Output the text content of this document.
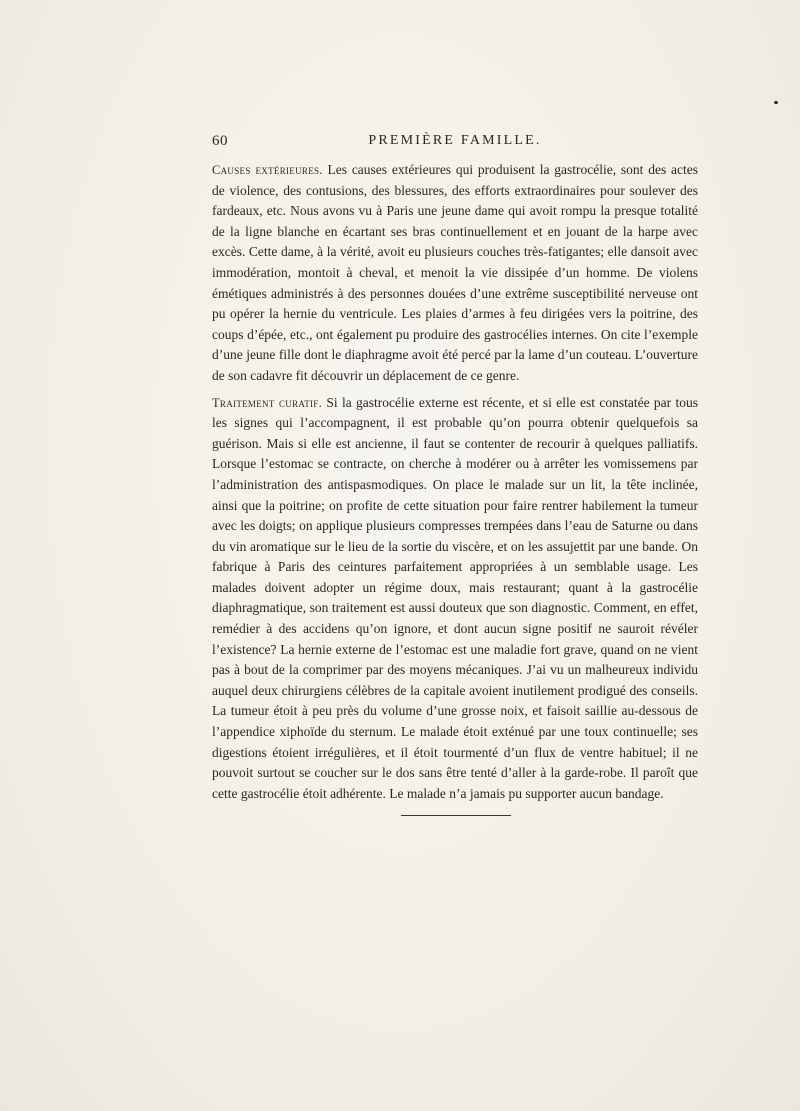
60	PREMIÈRE FAMILLE.

Causes extérieures. Les causes extérieures qui produisent la gastrocélie, sont des actes de violence, des contusions, des blessures, des efforts extraordinaires pour soulever des fardeaux, etc. Nous avons vu à Paris une jeune dame qui avoit rompu la presque totalité de la ligne blanche en écartant ses bras continuellement et en jouant de la harpe avec excès. Cette dame, à la vérité, avoit eu plusieurs couches très-fatigantes; elle dansoit avec immodération, montoit à cheval, et menoit la vie dissipée d’un homme. De violens émétiques administrés à des personnes douées d’une extrême susceptibilité nerveuse ont pu opérer la hernie du ventricule. Les plaies d’armes à feu dirigées vers la poitrine, des coups d’épée, etc., ont également pu produire des gastrocélies internes. On cite l’exemple d’une jeune fille dont le diaphragme avoit été percé par la lame d’un couteau. L’ouverture de son cadavre fit découvrir un déplacement de ce genre.

Traitement curatif. Si la gastrocélie externe est récente, et si elle est constatée par tous les signes qui l’accompagnent, il est probable qu’on pourra obtenir quelquefois sa guérison. Mais si elle est ancienne, il faut se contenter de recourir à quelques palliatifs. Lorsque l’estomac se contracte, on cherche à modérer ou à arrêter les vomissemens par l’administration des antispasmodiques. On place le malade sur un lit, la tête inclinée, ainsi que la poitrine; on profite de cette situation pour faire rentrer habilement la tumeur avec les doigts; on applique plusieurs compresses trempées dans l’eau de Saturne ou dans du vin aromatique sur le lieu de la sortie du viscère, et on les assujettit par une bande. On fabrique à Paris des ceintures parfaitement appropriées à un semblable usage. Les malades doivent adopter un régime doux, mais restaurant; quant à la gastrocélie diaphragmatique, son traitement est aussi douteux que son diagnostic. Comment, en effet, remédier à des accidens qu’on ignore, et dont aucun signe positif ne sauroit révéler l’existence? La hernie externe de l’estomac est une maladie fort grave, quand on ne vient pas à bout de la comprimer par des moyens mécaniques. J’ai vu un malheureux individu auquel deux chirurgiens célèbres de la capitale avoient inutilement prodigué des conseils. La tumeur étoit à peu près du volume d’une grosse noix, et faisoit saillie au-dessous de l’appendice xiphoïde du sternum. Le malade étoit exténué par une toux continuelle; ses digestions étoient irrégulières, et il étoit tourmenté d’un flux de ventre habituel; il ne pouvoit surtout se coucher sur le dos sans être tenté d’aller à la garde-robe. Il paroît que cette gastrocélie étoit adhérente. Le malade n’a jamais pu supporter aucun bandage.
